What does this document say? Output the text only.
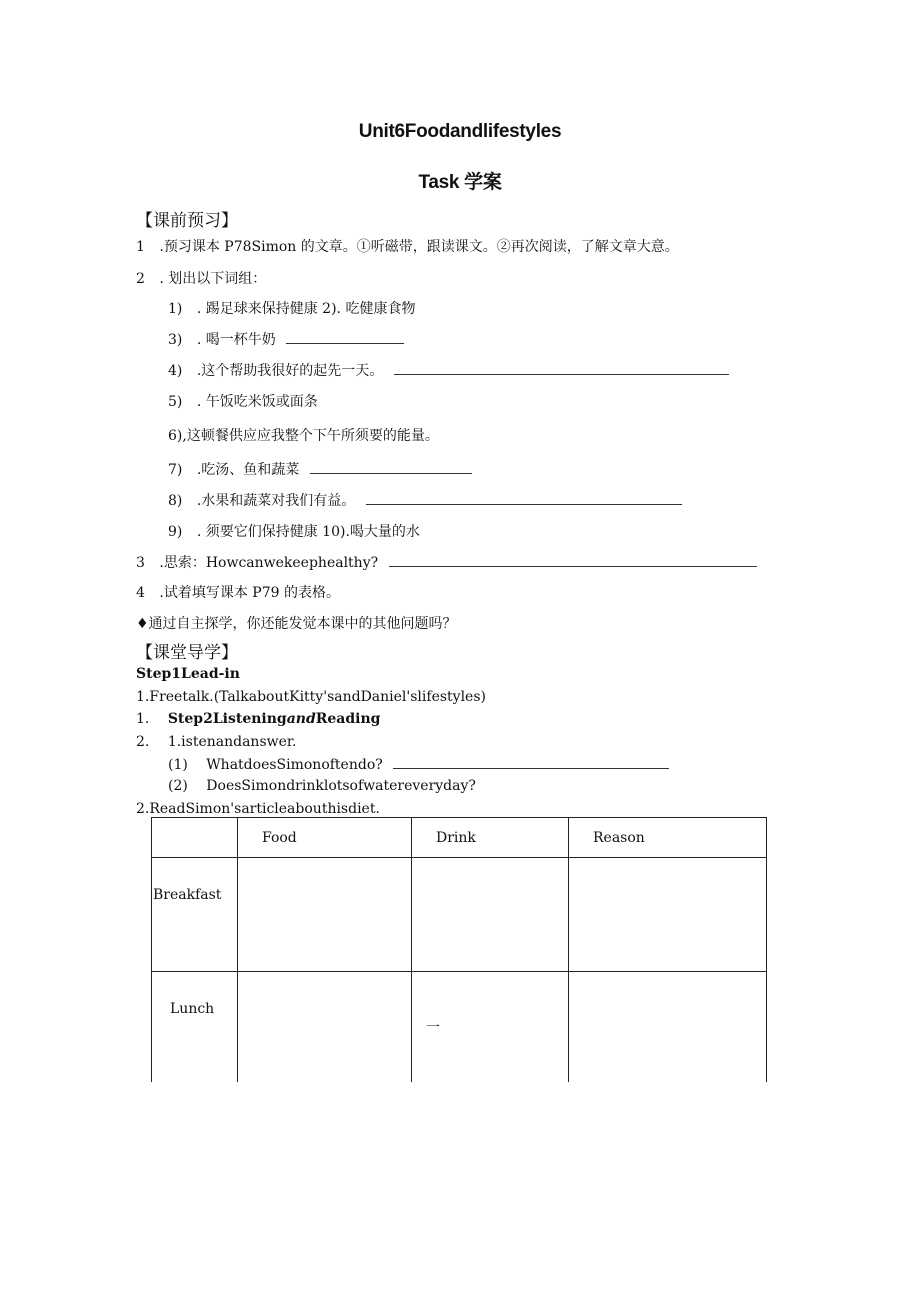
Unit6Foodandlifestyles
Task 学案
【课前预习】
1 .预习课本 P78Simon 的文章。①听磁带，跟读课文。②再次阅读，了解文章大意。
2 . 划出以下词组：
1) . 踢足球来保持健康 2). 吃健康食物
3) . 喝一杯牛奶
4) .这个帮助我很好的起先一天。
5) . 午饭吃米饭或面条
6),这顿餐供应应我整个下午所须要的能量。
7) .吃汤、鱼和蔬菜
8) .水果和蔬菜对我们有益。
9) . 须要它们保持健康 10).喝大量的水
3 .思索：Howcanwekeephealthy?
4 .试着填写课本 P79 的表格。
♦通过自主探学，你还能发觉本课中的其他问题吗？
【课堂导学】
Step1Lead-in
1.Freetalk.(TalkaboutKitty'sandDaniel'slifestyles)
1. Step2ListeningandReading
2. 1.istenandanswer.
(1) WhatdoesSimonoftendo?
(2) DoesSimondrinklotsofwatereveryday?
2.ReadSimon'sarticleabouthisdiet.

	Food	Drink	Reason

Breakfast			

Lunch		一	
